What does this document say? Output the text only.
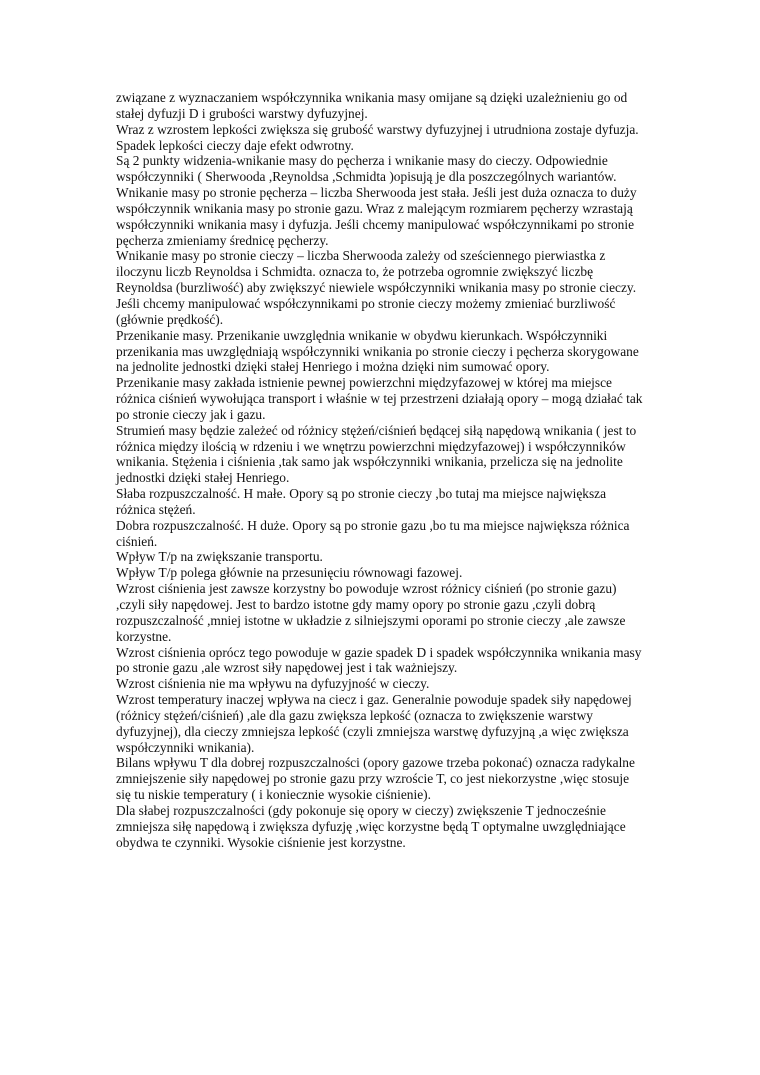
związane z wyznaczaniem współczynnika wnikania masy omijane są dzięki uzależnieniu go od
stałej dyfuzji D i grubości warstwy dyfuzyjnej.
Wraz z wzrostem lepkości zwiększa się grubość warstwy dyfuzyjnej i utrudniona zostaje dyfuzja.
Spadek lepkości cieczy daje efekt odwrotny.
Są 2 punkty widzenia-wnikanie masy do pęcherza i wnikanie masy do cieczy. Odpowiednie
współczynniki ( Sherwooda ,Reynoldsa ,Schmidta )opisują je dla poszczególnych wariantów.
Wnikanie masy po stronie pęcherza – liczba Sherwooda jest stała. Jeśli jest duża oznacza to duży
współczynnik wnikania masy po stronie gazu. Wraz z malejącym rozmiarem pęcherzy wzrastają
współczynniki wnikania masy i dyfuzja. Jeśli chcemy manipulować współczynnikami po stronie
pęcherza zmieniamy średnicę pęcherzy.
Wnikanie masy po stronie cieczy – liczba Sherwooda zależy od sześciennego pierwiastka z
iloczynu liczb Reynoldsa i Schmidta. oznacza to, że potrzeba ogromnie zwiększyć liczbę
Reynoldsa (burzliwość) aby zwiększyć niewiele współczynniki wnikania masy po stronie cieczy.
Jeśli chcemy manipulować współczynnikami po stronie cieczy możemy zmieniać burzliwość
(głównie prędkość).
Przenikanie masy. Przenikanie uwzględnia wnikanie w obydwu kierunkach. Współczynniki
przenikania mas uwzględniają współczynniki wnikania po stronie cieczy i pęcherza skorygowane
na jednolite jednostki dzięki stałej Henriego i można dzięki nim sumować opory.
Przenikanie masy zakłada istnienie pewnej powierzchni międzyfazowej w której ma miejsce
różnica ciśnień wywołująca transport i właśnie w tej przestrzeni działają opory – mogą działać tak
po stronie cieczy jak i gazu.
Strumień masy będzie zależeć od różnicy stężeń/ciśnień będącej siłą napędową wnikania ( jest to
różnica między ilością w rdzeniu i we wnętrzu powierzchni międzyfazowej) i współczynników
wnikania. Stężenia i ciśnienia ,tak samo jak współczynniki wnikania, przelicza się na jednolite
jednostki dzięki stałej Henriego.
Słaba rozpuszczalność. H małe. Opory są po stronie cieczy ,bo tutaj ma miejsce największa
różnica stężeń.
Dobra rozpuszczalność. H duże. Opory są po stronie gazu ,bo tu ma miejsce największa różnica
ciśnień.
Wpływ T/p na zwiększanie transportu.
Wpływ T/p polega głównie na przesunięciu równowagi fazowej.
Wzrost ciśnienia jest zawsze korzystny bo powoduje wzrost różnicy ciśnień (po stronie gazu)
,czyli siły napędowej. Jest to bardzo istotne gdy mamy opory po stronie gazu ,czyli dobrą
rozpuszczalność ,mniej istotne w układzie z silniejszymi oporami po stronie cieczy ,ale zawsze
korzystne.
Wzrost ciśnienia oprócz tego powoduje w gazie spadek D i spadek współczynnika wnikania masy
po stronie gazu ,ale wzrost siły napędowej jest i tak ważniejszy.
Wzrost ciśnienia nie ma wpływu na dyfuzyjność w cieczy.
Wzrost temperatury inaczej wpływa na ciecz i gaz. Generalnie powoduje spadek siły napędowej
(różnicy stężeń/ciśnień) ,ale dla gazu zwiększa lepkość (oznacza to zwiększenie warstwy
dyfuzyjnej), dla cieczy zmniejsza lepkość (czyli zmniejsza warstwę dyfuzyjną ,a więc zwiększa
współczynniki wnikania).
Bilans wpływu T dla dobrej rozpuszczalności (opory gazowe trzeba pokonać) oznacza radykalne
zmniejszenie siły napędowej po stronie gazu przy wzroście T, co jest niekorzystne ,więc stosuje
się tu niskie temperatury ( i koniecznie wysokie ciśnienie).
Dla słabej rozpuszczalności (gdy pokonuje się opory w cieczy) zwiększenie T jednocześnie
zmniejsza siłę napędową i zwiększa dyfuzję ,więc korzystne będą T optymalne uwzględniające
obydwa te czynniki. Wysokie ciśnienie jest korzystne.
